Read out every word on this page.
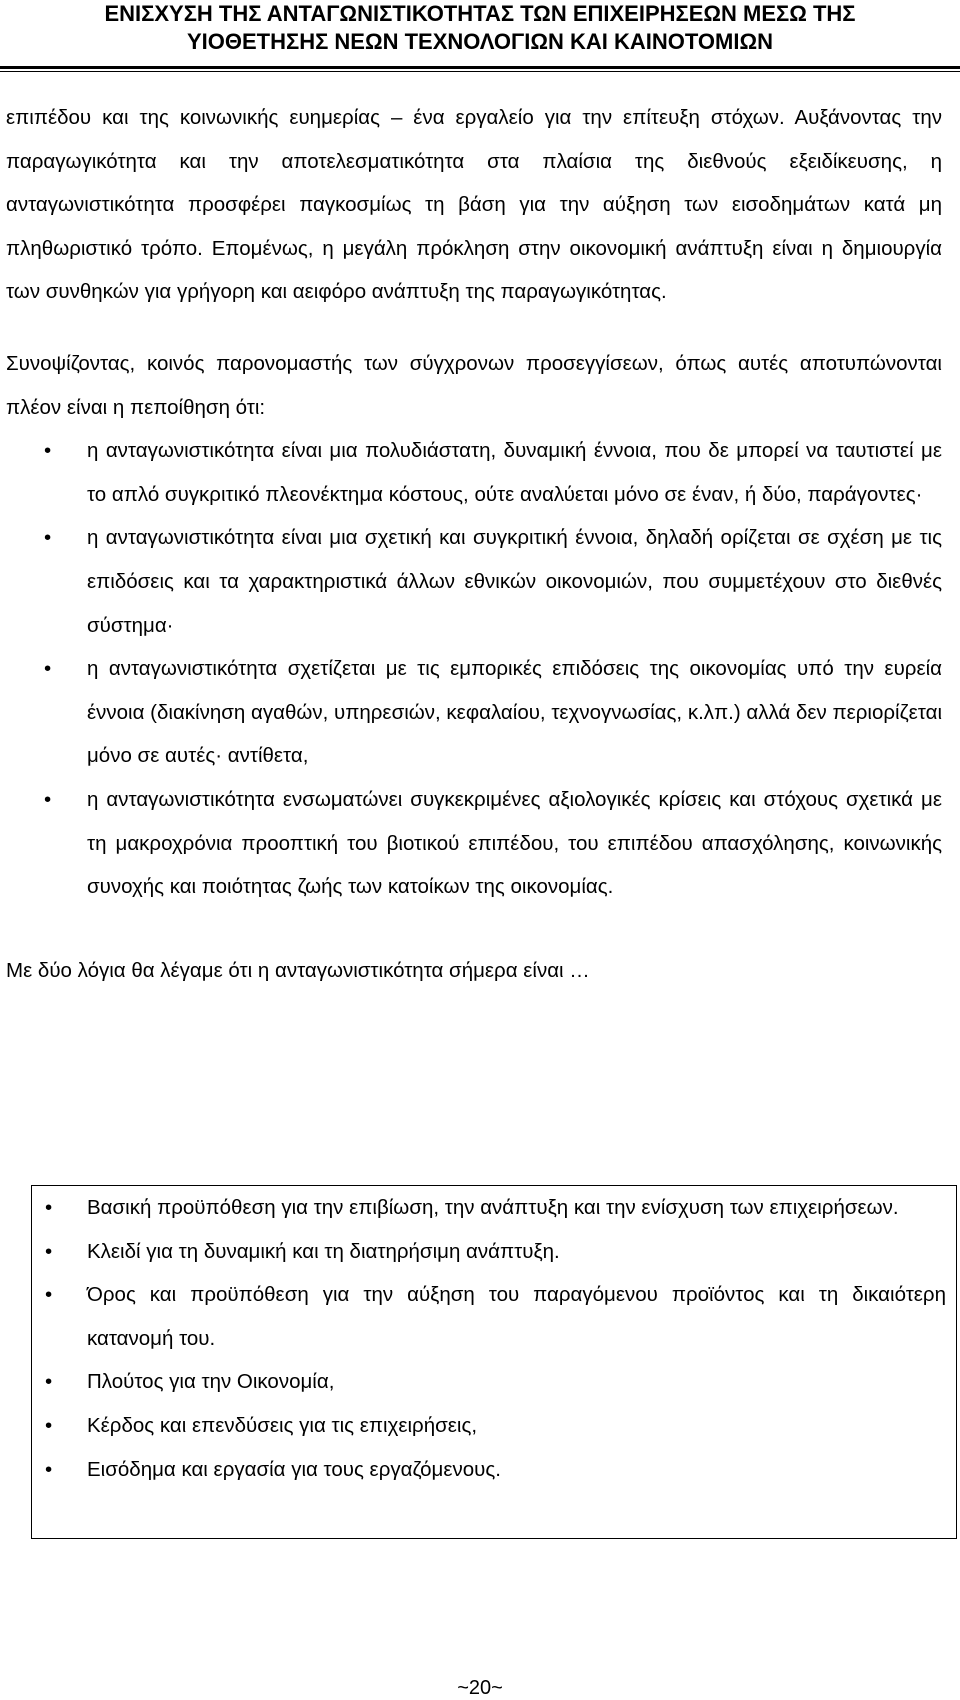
ΕΝΙΣΧΥΣΗ ΤΗΣ ΑΝΤΑΓΩΝΙΣΤΙΚΟΤΗΤΑΣ ΤΩΝ ΕΠΙΧΕΙΡΗΣΕΩΝ ΜΕΣΩ ΤΗΣ
ΥΙΟΘΕΤΗΣΗΣ ΝΕΩΝ ΤΕΧΝΟΛΟΓΙΩΝ ΚΑΙ ΚΑΙΝΟΤΟΜΙΩΝ

επιπέδου και της κοινωνικής ευημερίας – ένα εργαλείο για την επίτευξη στόχων. Αυξάνοντας την παραγωγικότητα και την αποτελεσματικότητα στα πλαίσια της διεθνούς εξειδίκευσης, η ανταγωνιστικότητα προσφέρει παγκοσμίως τη βάση για την αύξηση των εισοδημάτων κατά μη πληθωριστικό τρόπο. Επομένως, η μεγάλη πρόκληση στην οικονομική ανάπτυξη είναι η δημιουργία των συνθηκών για γρήγορη και αειφόρο ανάπτυξη της παραγωγικότητας.

Συνοψίζοντας, κοινός παρονομαστής των σύγχρονων προσεγγίσεων, όπως αυτές αποτυπώνονται πλέον είναι η πεποίθηση ότι:

• η ανταγωνιστικότητα είναι μια πολυδιάστατη, δυναμική έννοια, που δε μπορεί να ταυτιστεί με το απλό συγκριτικό πλεονέκτημα κόστους, ούτε αναλύεται μόνο σε έναν, ή δύο, παράγοντες·
• η ανταγωνιστικότητα είναι μια σχετική και συγκριτική έννοια, δηλαδή ορίζεται σε σχέση με τις επιδόσεις και τα χαρακτηριστικά άλλων εθνικών οικονομιών, που συμμετέχουν στο διεθνές σύστημα·
• η ανταγωνιστικότητα σχετίζεται με τις εμπορικές επιδόσεις της οικονομίας υπό την ευρεία έννοια (διακίνηση αγαθών, υπηρεσιών, κεφαλαίου, τεχνογνωσίας, κ.λπ.) αλλά δεν περιορίζεται μόνο σε αυτές· αντίθετα,
• η ανταγωνιστικότητα ενσωματώνει συγκεκριμένες αξιολογικές κρίσεις και στόχους σχετικά με τη μακροχρόνια προοπτική του βιοτικού επιπέδου, του επιπέδου απασχόλησης, κοινωνικής συνοχής και ποιότητας ζωής των κατοίκων της οικονομίας.

Με δύο λόγια θα λέγαμε ότι η ανταγωνιστικότητα σήμερα είναι …

• Βασική προϋπόθεση για την επιβίωση, την ανάπτυξη και την ενίσχυση των επιχειρήσεων.
• Κλειδί για τη δυναμική και τη διατηρήσιμη ανάπτυξη.
• Όρος και προϋπόθεση για την αύξηση του παραγόμενου προϊόντος και τη δικαιότερη κατανομή του.
• Πλούτος για την Οικονομία,
• Κέρδος και επενδύσεις για τις επιχειρήσεις,
• Εισόδημα και εργασία για τους εργαζόμενους.
~20~
